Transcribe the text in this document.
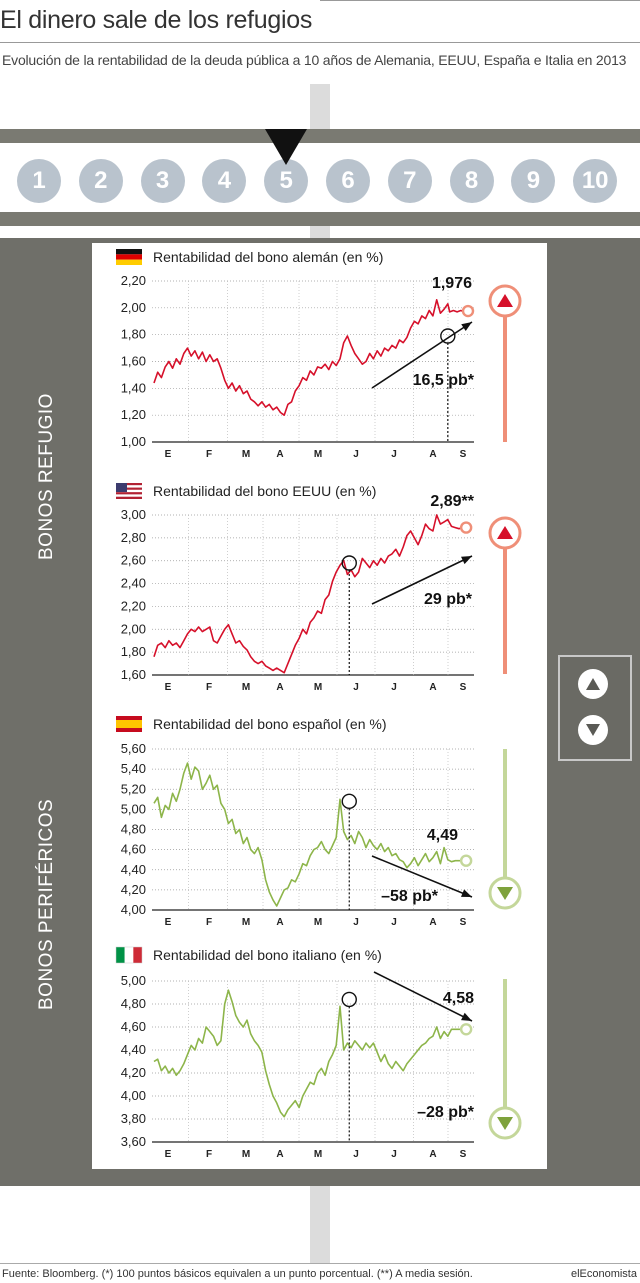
El dinero sale de los refugios
Evolución de la rentabilidad de la deuda pública a 10 años de Alemania, EEUU, España e Italia en 2013
1	2	3	4	5	6	7	8	9	10
BONOS REFUGIO
BONOS PERIFÉRICOS
Rentabilidad del bono alemán (en %)
2,20
2,00
1,80
1,60
1,40
1,20
1,00
E	F	M	A	M	J	J	A S
1,976
16,5 pb*
Rentabilidad del bono EEUU (en %)
3,00
2,80
2,60
2,40
2,20
2,00
1,80
1,60
E	F	M	A	M	J	J	A S
2,89**
29 pb*
Rentabilidad del bono español (en %)
5,60
5,40
5,20
5,00
4,80
4,60
4,40
4,20
4,00
E	F	M	A	M	J	J	A S
4,49
–58 pb*
Rentabilidad del bono italiano (en %)
5,00
4,80
4,60
4,40
4,20
4,00
3,80
3,60
E	F	M	A	M	J	J	A S
4,58
–28 pb*
Fuente: Bloomberg. (*) 100 puntos básicos equivalen a un punto porcentual. (**) A media sesión.	elEconomista
